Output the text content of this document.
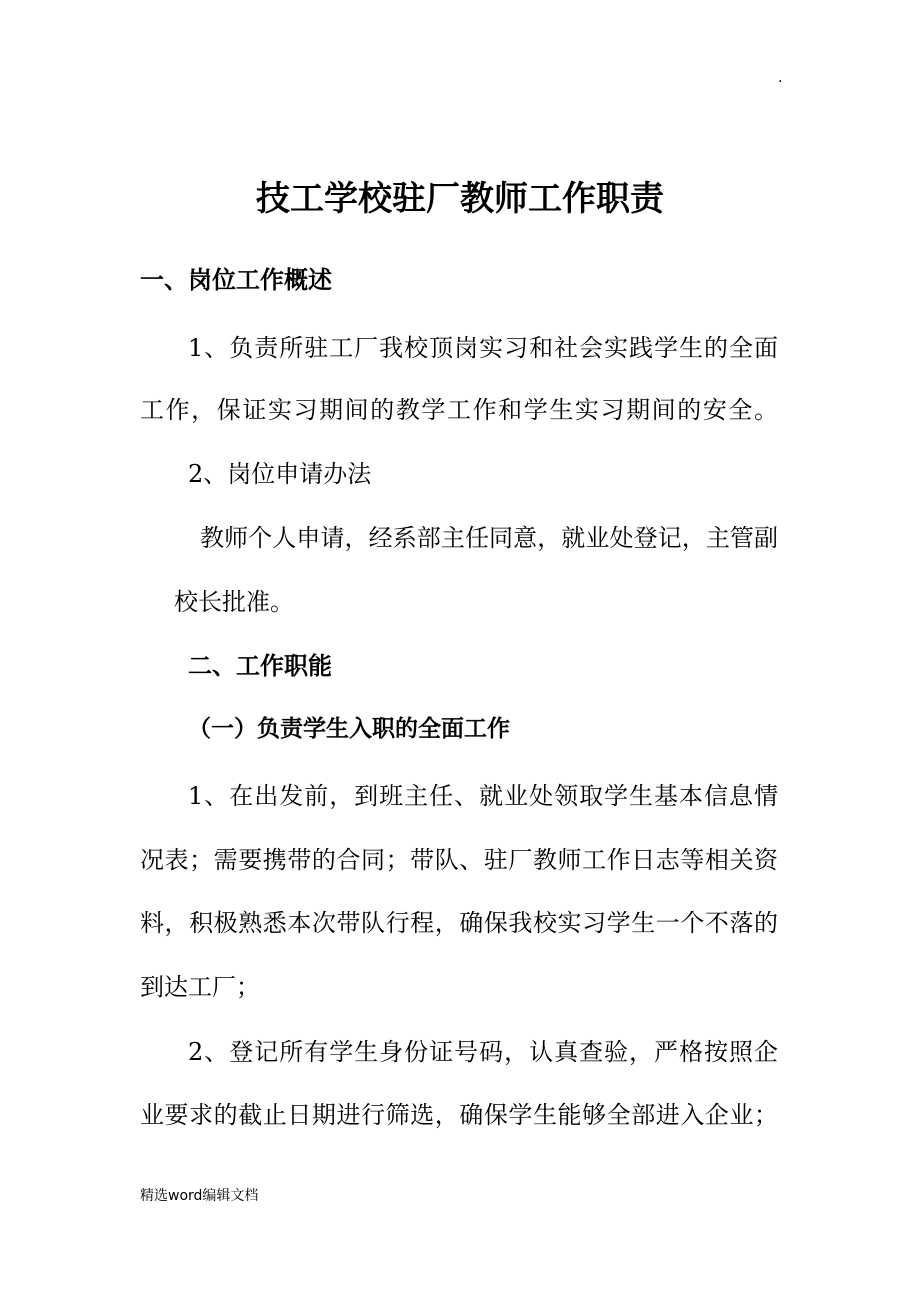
.
技工学校驻厂教师工作职责
一、岗位工作概述
1、负责所驻工厂我校顶岗实习和社会实践学生的全面
工作，保证实习期间的教学工作和学生实习期间的安全。
2、岗位申请办法
教师个人申请，经系部主任同意，就业处登记，主管副
校长批准。
二、工作职能
（一）负责学生入职的全面工作
1、在出发前，到班主任、就业处领取学生基本信息情
况表；需要携带的合同；带队、驻厂教师工作日志等相关资
料，积极熟悉本次带队行程，确保我校实习学生一个不落的
到达工厂；
2、登记所有学生身份证号码，认真查验，严格按照企
业要求的截止日期进行筛选，确保学生能够全部进入企业；
精选word编辑文档
